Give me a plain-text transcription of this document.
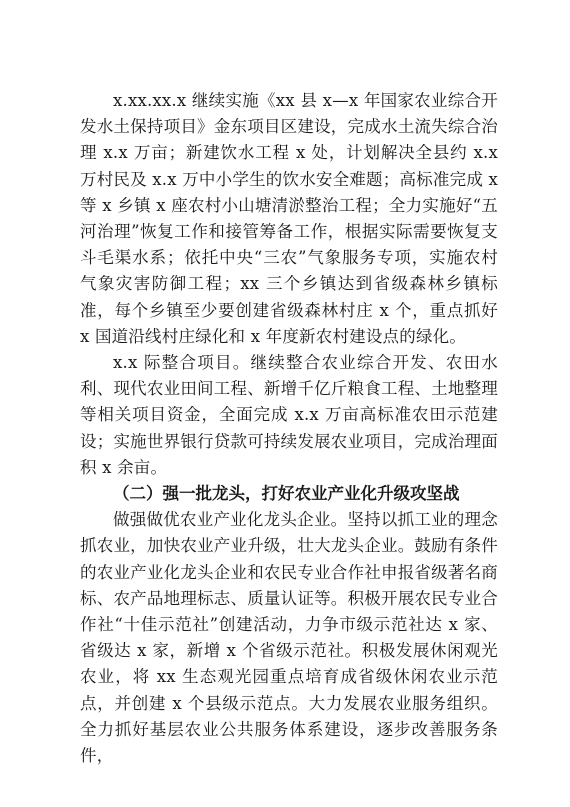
x.xx.xx.x 继续实施《xx 县 x—x 年国家农业综合开发水土保持项目》金东项目区建设，完成水土流失综合治理 x.x 万亩；新建饮水工程 x 处，计划解决全县约 x.x 万村民及 x.x 万中小学生的饮水安全难题；高标准完成 x 等 x 乡镇 x 座农村小山塘清淤整治工程；全力实施好“五河治理”恢复工作和接管筹备工作，根据实际需要恢复支斗毛渠水系；依托中央“三农”气象服务专项，实施农村气象灾害防御工程；xx 三个乡镇达到省级森林乡镇标准，每个乡镇至少要创建省级森林村庄 x 个，重点抓好 x 国道沿线村庄绿化和 x 年度新农村建设点的绿化。

x.x 际整合项目。继续整合农业综合开发、农田水利、现代农业田间工程、新增千亿斤粮食工程、土地整理等相关项目资金，全面完成 x.x 万亩高标准农田示范建设；实施世界银行贷款可持续发展农业项目，完成治理面积 x 余亩。

（二）强一批龙头，打好农业产业化升级攻坚战

做强做优农业产业化龙头企业。坚持以抓工业的理念抓农业，加快农业产业升级，壮大龙头企业。鼓励有条件的农业产业化龙头企业和农民专业合作社申报省级著名商标、农产品地理标志、质量认证等。积极开展农民专业合作社“十佳示范社”创建活动，力争市级示范社达 x 家、省级达 x 家，新增 x 个省级示范社。积极发展休闲观光农业，将 xx 生态观光园重点培育成省级休闲农业示范点，并创建 x 个县级示范点。大力发展农业服务组织。全力抓好基层农业公共服务体系建设，逐步改善服务条件，
